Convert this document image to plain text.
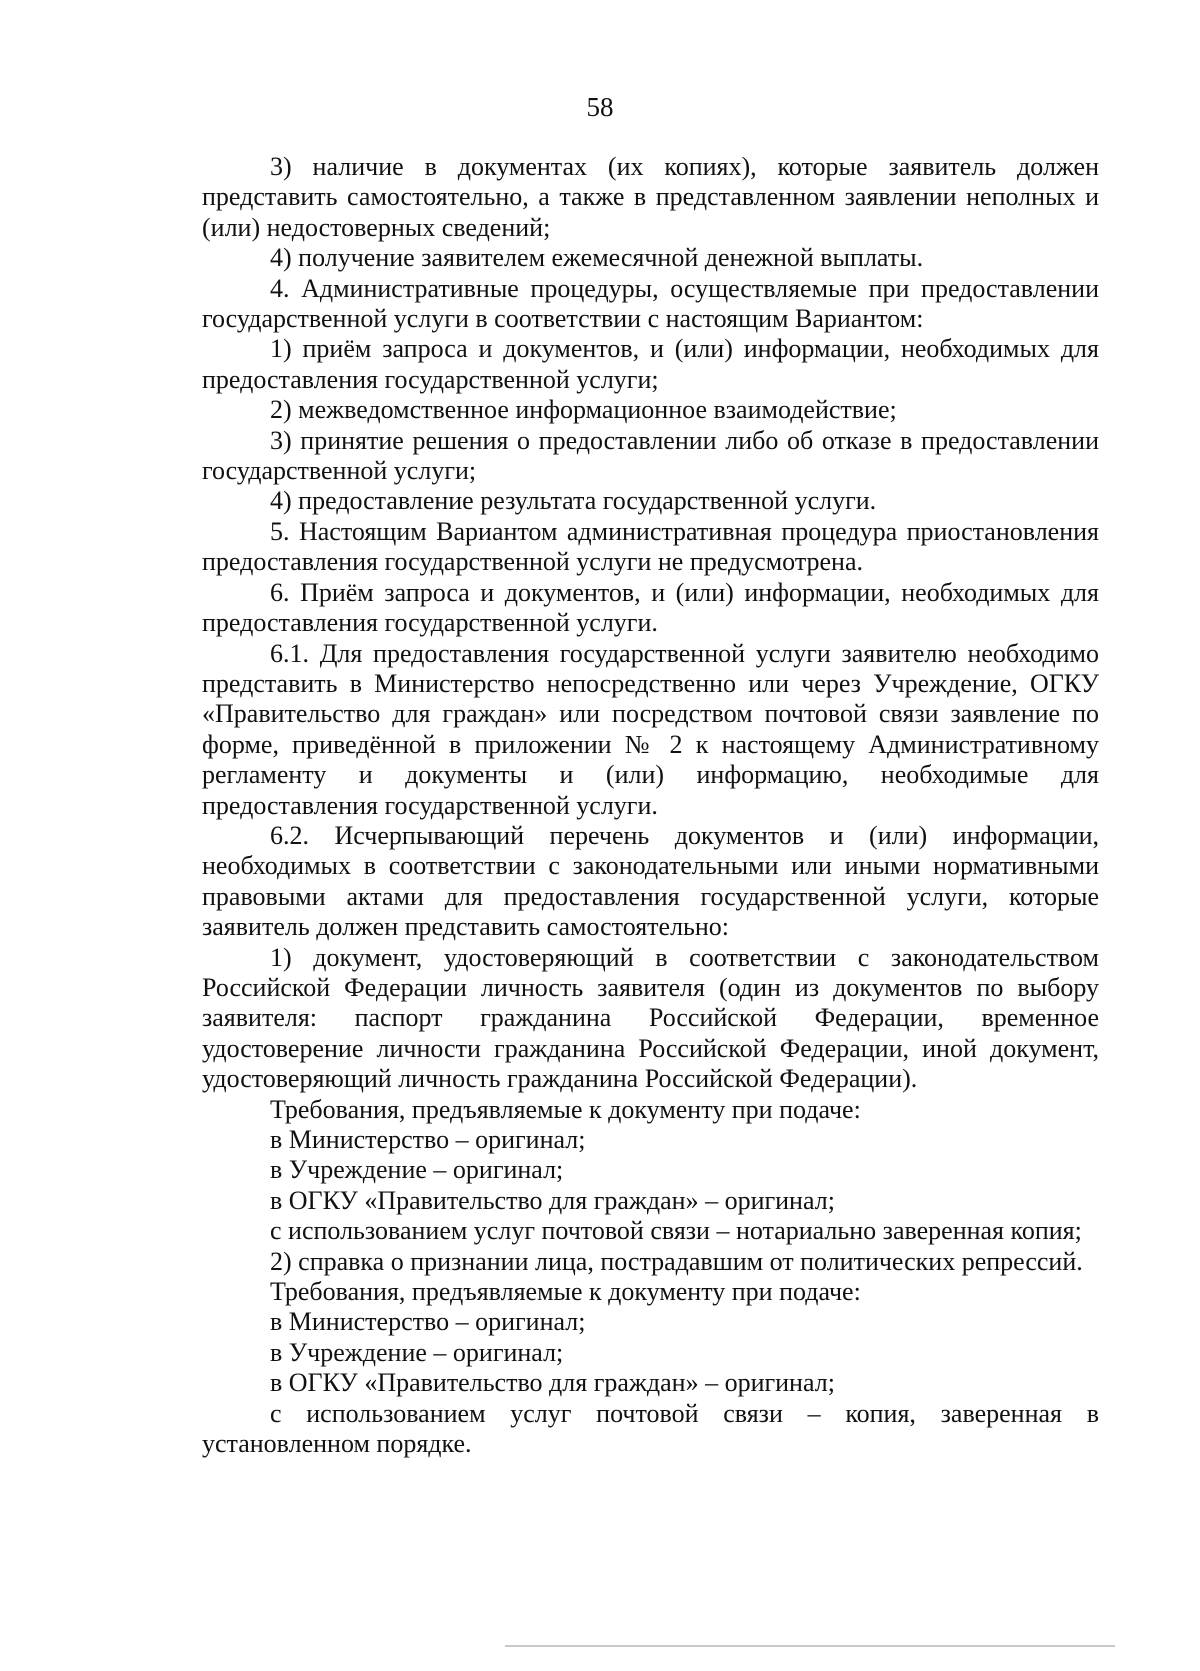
58

3) наличие в документах (их копиях), которые заявитель должен представить самостоятельно, а также в представленном заявлении неполных и (или) недостоверных сведений;

4) получение заявителем ежемесячной денежной выплаты.

4. Административные процедуры, осуществляемые при предоставлении государственной услуги в соответствии с настоящим Вариантом:

1) приём запроса и документов, и (или) информации, необходимых для предоставления государственной услуги;

2) межведомственное информационное взаимодействие;

3) принятие решения о предоставлении либо об отказе в предоставлении государственной услуги;

4) предоставление результата государственной услуги.

5. Настоящим Вариантом административная процедура приостановления предоставления государственной услуги не предусмотрена.

6. Приём запроса и документов, и (или) информации, необходимых для предоставления государственной услуги.

6.1. Для предоставления государственной услуги заявителю необходимо представить в Министерство непосредственно или через Учреждение, ОГКУ «Правительство для граждан» или посредством почтовой связи заявление по форме, приведённой в приложении № 2 к настоящему Административному регламенту и документы и (или) информацию, необходимые для предоставления государственной услуги.

6.2. Исчерпывающий перечень документов и (или) информации, необходимых в соответствии с законодательными или иными нормативными правовыми актами для предоставления государственной услуги, которые заявитель должен представить самостоятельно:

1) документ, удостоверяющий в соответствии с законодательством Российской Федерации личность заявителя (один из документов по выбору заявителя: паспорт гражданина Российской Федерации, временное удостоверение личности гражданина Российской Федерации, иной документ, удостоверяющий личность гражданина Российской Федерации).

Требования, предъявляемые к документу при подаче:

в Министерство – оригинал;

в Учреждение – оригинал;

в ОГКУ «Правительство для граждан» – оригинал;

с использованием услуг почтовой связи – нотариально заверенная копия;

2) справка о признании лица, пострадавшим от политических репрессий.

Требования, предъявляемые к документу при подаче:

в Министерство – оригинал;

в Учреждение – оригинал;

в ОГКУ «Правительство для граждан» – оригинал;

с использованием услуг почтовой связи – копия, заверенная в установленном порядке.
